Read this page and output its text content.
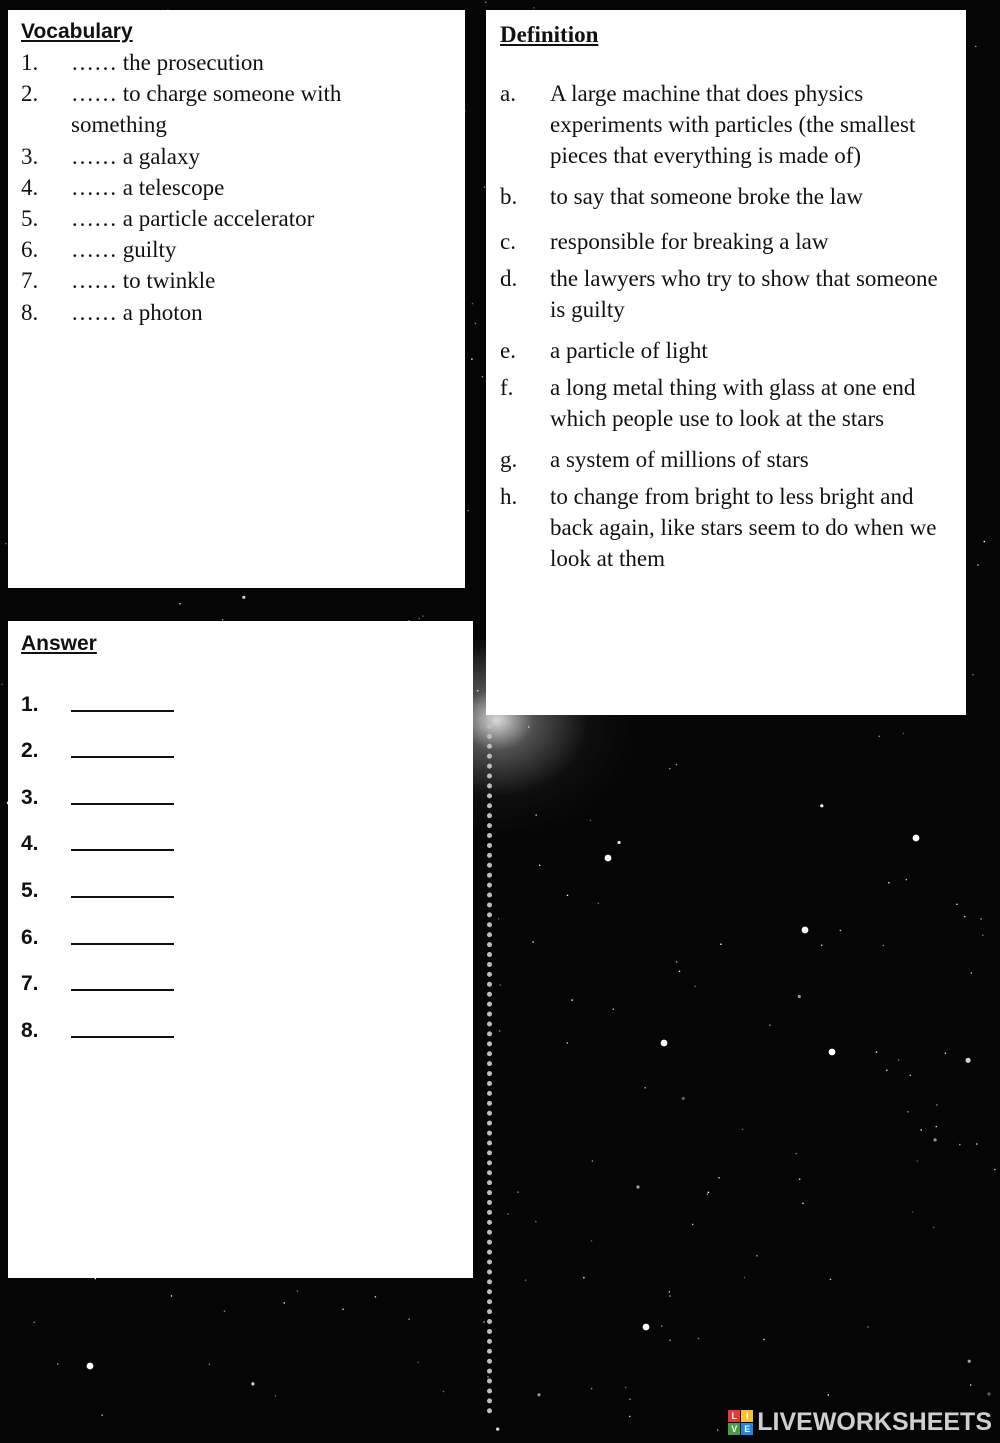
Vocabulary

1.	…… the prosecution
2.	…… to charge someone with something
3.	…… a galaxy
4.	…… a telescope
5.	…… a particle accelerator
6.	…… guilty
7.	…… to twinkle
8.	…… a photon

Definition

a.	A large machine that does physics experiments with particles (the smallest pieces that everything is made of)
b.	to say that someone broke the law
c.	responsible for breaking a law
d.	the lawyers who try to show that someone is guilty
e.	a particle of light
f.	a long metal thing with glass at one end which people use to look at the stars
g.	a system of millions of stars
h.	to change from bright to less bright and back again, like stars seem to do when we look at them

Answer

1.
2.
3.
4.
5.
6.
7.
8.
L I
V E LIVEWORKSHEETS
